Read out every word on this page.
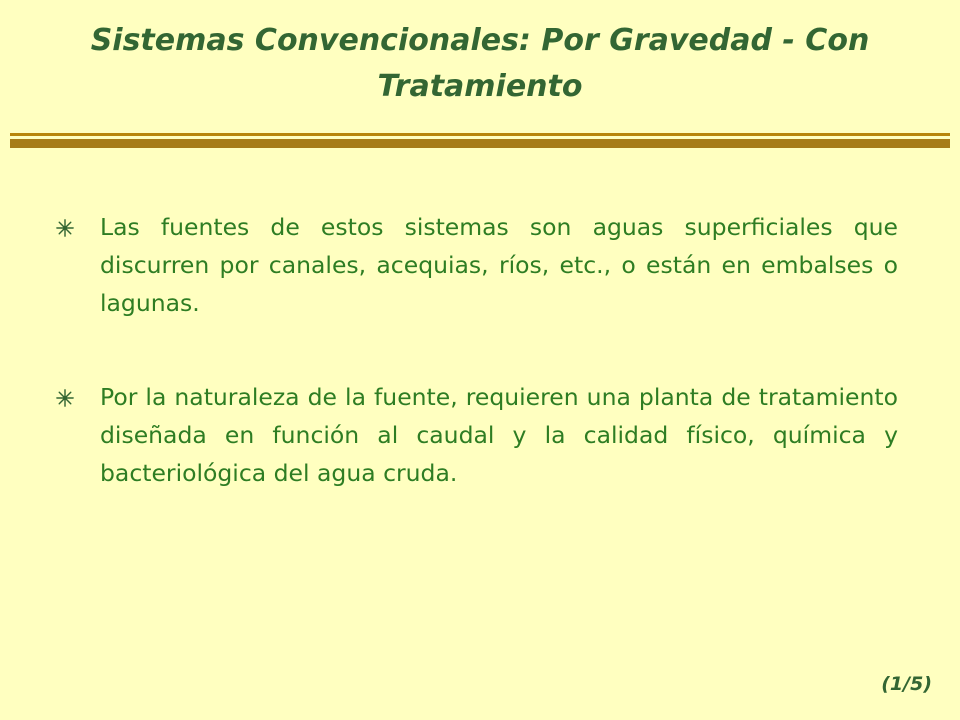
Sistemas Convencionales: Por Gravedad - Con Tratamiento
Las fuentes de estos sistemas son aguas superficiales que discurren por canales, acequias, ríos, etc., o están en embalses o lagunas.
Por la naturaleza de la fuente, requieren una planta de tratamiento diseñada en función al caudal y la calidad físico, química y bacteriológica del agua cruda.
(1/5)
